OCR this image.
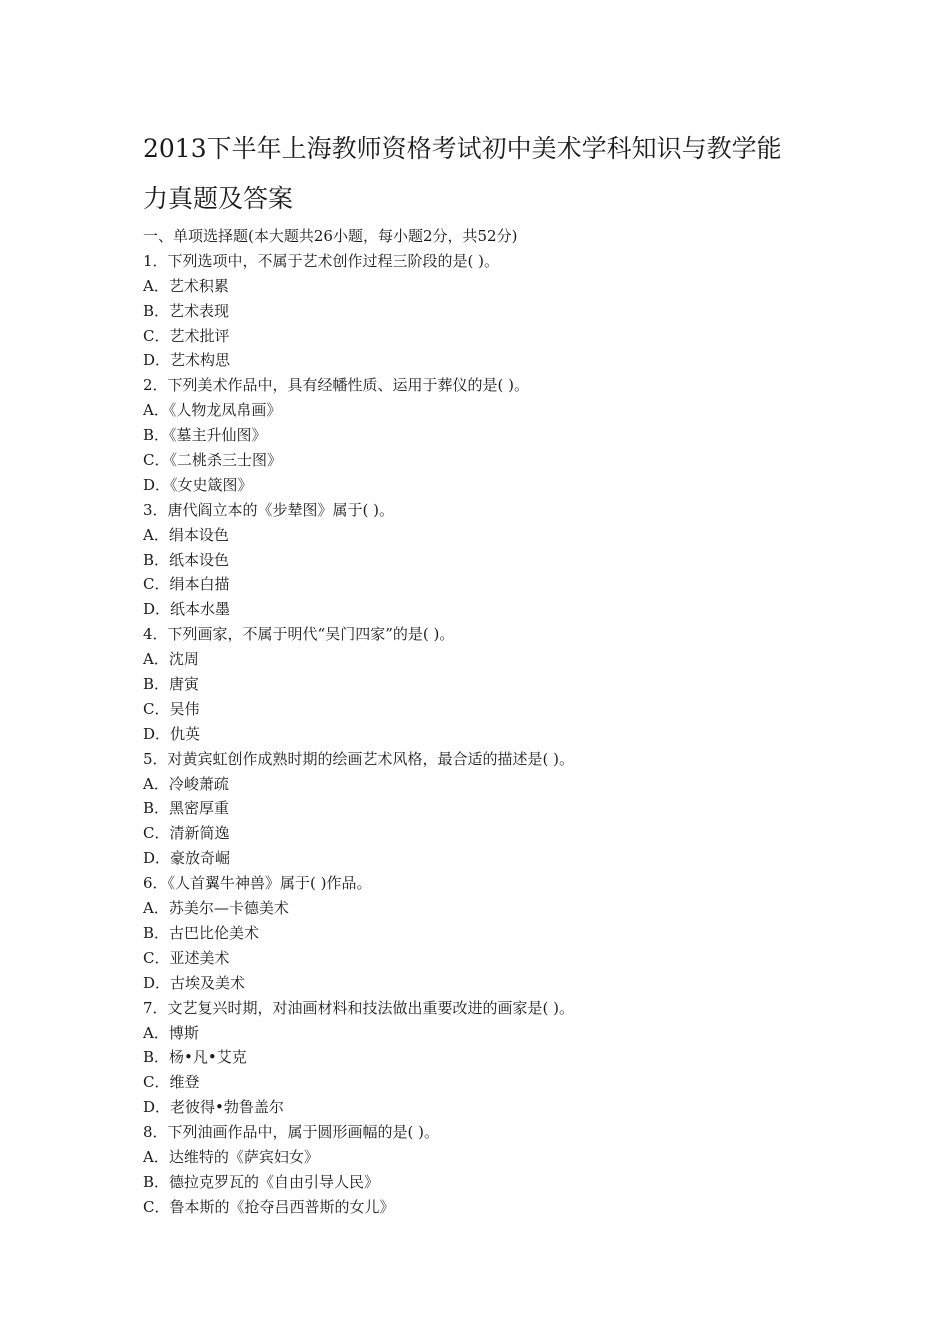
2013下半年上海教师资格考试初中美术学科知识与教学能
力真题及答案
一、单项选择题(本大题共26小题，每小题2分，共52分)
1．下列选项中，不属于艺术创作过程三阶段的是( )。
A．艺术积累
B．艺术表现
C．艺术批评
D．艺术构思
2．下列美术作品中，具有经幡性质、运用于葬仪的是( )。
A．《人物龙凤帛画》
B．《墓主升仙图》
C．《二桃杀三士图》
D．《女史箴图》
3．唐代阎立本的《步辇图》属于( )。
A．绢本设色
B．纸本设色
C．绢本白描
D．纸本水墨
4．下列画家，不属于明代“吴门四家”的是( )。
A．沈周
B．唐寅
C．吴伟
D．仇英
5．对黄宾虹创作成熟时期的绘画艺术风格，最合适的描述是( )。
A．冷峻萧疏
B．黑密厚重
C．清新简逸
D．豪放奇崛
6．《人首翼牛神兽》属于( )作品。
A．苏美尔—卡德美术
B．古巴比伦美术
C．亚述美术
D．古埃及美术
7．文艺复兴时期，对油画材料和技法做出重要改进的画家是( )。
A．博斯
B．杨•凡•艾克
C．维登
D．老彼得•勃鲁盖尔
8．下列油画作品中，属于圆形画幅的是( )。
A．达维特的《萨宾妇女》
B．德拉克罗瓦的《自由引导人民》
C．鲁本斯的《抢夺吕西普斯的女儿》
